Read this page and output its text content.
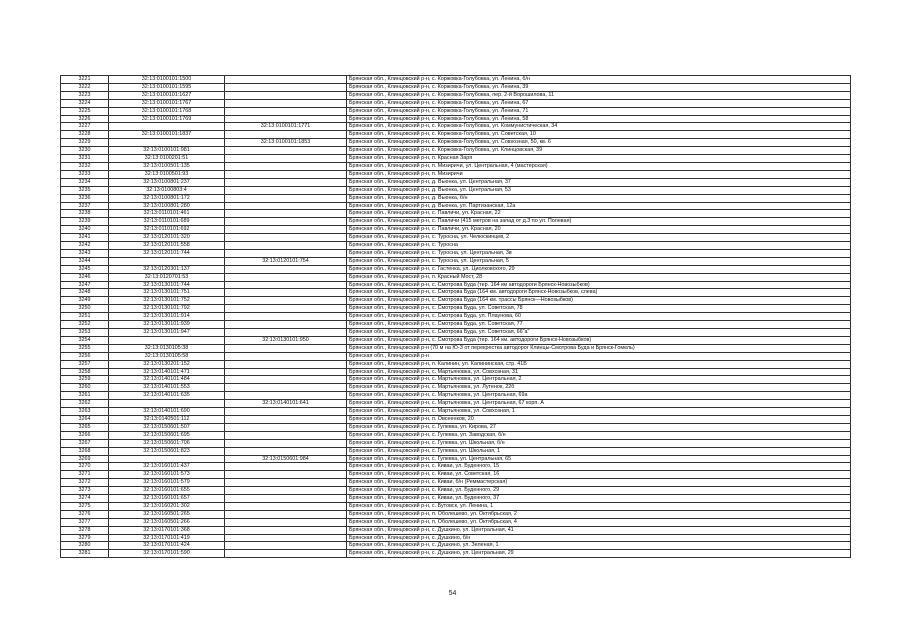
3221	32:13:0100101:1500		Брянская обл., Клинцовский р-н, с. Коржовка-Голубовка, ул. Ленина, б/н
3222	32:13:0100101:1595		Брянская обл., Клинцовский р-н, с. Коржовка-Голубовка, ул. Ленина, 39
3223	32:13:0100101:1627		Брянская обл., Клинцовский р-н, с. Коржовка-Голубовка, пер. 2-й Ворошилова, 11
3224	32:13:0100101:1767		Брянская обл., Клинцовский р-н, с. Коржовка-Голубовка, ул. Ленина, 67
3225	32:13:0100101:1768		Брянская обл., Клинцовский р-н, с. Коржовка-Голубовка, ул. Ленина, 71
3226	32:13:0100101:1769		Брянская обл., Клинцовский р-н, с. Коржовка-Голубовка, ул. Ленина, 58
3227		32:13:0100101:1771	Брянская обл., Клинцовский р-н, с. Коржовка-Голубовка, ул. Коммунистическая, 34
3228	32:13:0100101:1837		Брянская обл., Клинцовский р-н, с. Коржовка-Голубовка, ул. Советская, 10
3229		32:13:0100101:1853	Брянская обл., Клинцовский р-н, с. Коржовка-Голубовка, ул. Совхозная, 50, кв. 6
3230	32:13:0100101:981		Брянская обл., Клинцовский р-н, с. Коржовка-Голубовка, ул. Клинцовская, 39
3231	32:13:0100201:51		Брянская обл., Клинцовский р-н, п. Красная Заря
3232	32:13:0100501:135		Брянская обл., Клинцовский р-н, п. Мизиричи, ул. Центральная, 4 (мастерская)
3233	32:13:0100501:93		Брянская обл., Клинцовский р-н, п. Мизиричи
3234	32:13:0100801:237		Брянская обл., Клинцовский р-н, д. Вьюнка, ул. Центральная, 37
3235	32:13:0100803:4		Брянская обл., Клинцовский р-н, д. Вьюнка, ул. Центральная, 53
3236	32:13:0100801:172		Брянская обл., Клинцовский р-н, д. Вьюнка, б/н
3237	32:13:0100801:280		Брянская обл., Клинцовский р-н, д. Вьюнка, ул. Партизанская, 12а
3238	32:13:0110101:461		Брянская обл., Клинцовский р-н, с. Павличи, ул. Красная, 22
3239	32:13:0110101:689		Брянская обл., Клинцовский р-н, с. Павличи (415 метров на запад от д.3 по ул. Полевая)
3240	32:13:0110101:692		Брянская обл., Клинцовский р-н, с. Павличи, ул. Красная, 20
3241	32:13:0120101:320		Брянская обл., Клинцовский р-н, с. Туросна, ул. Челюскинцев, 2
3242	32:13:0120101:558		Брянская обл., Клинцовский р-н, с. Туросна
3243	32:13:0120101:744		Брянская обл., Клинцовский р-н, с. Туросна, ул. Центральная, 3в
3244		32:13:0120101:754	Брянская обл., Клинцовский р-н, с. Туросна, ул. Центральная, 5
3245	32:13:0120301:137		Брянская обл., Клинцовский р-н, с. Гастенка, ул. Циолковского, 29
3246	32:13:0120701:53		Брянская обл., Клинцовский р-н, п. Красный Мост, 28
3247	32:13:0130101:744		Брянская обл., Клинцовский р-н, с. Смотрова Буда (тер. 164 км автодороги Брянск-Новозыбков)
3248	32:13:0130101:751		Брянская обл., Клинцовский р-н, с. Смотрова Буда (164 км. автодороги Брянск-Новозыбков, слева)
3249	32:13:0130101:752		Брянская обл., Клинцовский р-н, с. Смотрова Буда (164 км. трассы Брянск—Новозыбков)
3250	32:13:0130101:792		Брянская обл., Клинцовский р-н, с. Смотрова Буда, ул. Советская, 78
3251	32:13:0130101:914		Брянская обл., Клинцовский р-н, с. Смотрова Буда, ул. Плаунова, 60
3252	32:13:0130101:939		Брянская обл., Клинцовский р-н, с. Смотрова Буда, ул. Советская, 77
3253	32:13:0130101:947		Брянская обл., Клинцовский р-н, с. Смотрова Буда, ул. Советская, 66"а"
3254		32:13:0130101:950	Брянская обл., Клинцовский р-н, с. Смотрова Буда (тер. 164 км. автодороги Брянск-Новозыбков)
3255	32:13:0130105:38		Брянская обл., Клинцовский р-н (70 м на Ю-З от перекрестка автодорог Клинцы-Смотрова Буда и Брянск-Гомель)
3256	32:13:0130105:58		Брянская обл., Клинцовский р-н
3257	32:13:0130201:152		Брянская обл., Клинцовский р-н, п. Калинин, ул. Калининская, стр. 41Б
3258	32:13:0140101:471		Брянская обл., Клинцовский р-н, с. Мартьяновка, ул. Совхозная, 31
3259	32:13:0140101:484		Брянская обл., Клинцовский р-н, с. Мартьяновка, ул. Центральная, 2
3260	32:13:0140101:553		Брянская обл., Клинцовский р-н, с. Мартьяновка, ул. Лутенок, 22б
3261	32:13:0140101:635		Брянская обл., Клинцовский р-н, с. Мартьяновка, ул. Центральная, 69а
3262		32:13:0140101:641	Брянская обл., Клинцовский р-н, с. Мартьяновка, ул. Центральная, 67 корп. А
3263	32:13:0140101:690		Брянская обл., Клинцовский р-н, с. Мартьяновка, ул. Совхозная, 1
3264	32:13:0140501:112		Брянская обл., Клинцовский р-н, п. Овсеенков, 20
3265	32:13:0150601:507		Брянская обл., Клинцовский р-н, с. Гулевка, ул. Кирова, 27
3266	32:13:0150601:695		Брянская обл., Клинцовский р-н, с. Гулевка, ул. Заводская, б/н
3267	32:13:0150601:706		Брянская обл., Клинцовский р-н, с. Гулевка, ул. Школьная, б/н
3268	32:13:0150601:823		Брянская обл., Клинцовский р-н, с. Гулевка, ул. Школьная, 1
3269		32:13:0150601:984	Брянская обл., Клинцовский р-н, с. Гулевка, ул. Центральная, 65
3270	32:13:0160101:437		Брянская обл., Клинцовский р-н, с. Киваи, ул. Буденного, 15
3271	32:13:0160101:573		Брянская обл., Клинцовский р-н, с. Киваи, ул. Советская, 16
3272	32:13:0160101:579		Брянская обл., Клинцовский р-н, с. Киваи, б/н (Реммастерская)
3273	32:13:0160101:655		Брянская обл., Клинцовский р-н, с. Киваи, ул. Буденного, 29
3274	32:13:0160101:657		Брянская обл., Клинцовский р-н, с. Киваи, ул. Буденного, 37
3275	32:13:0160201:302		Брянская обл., Клинцовский р-н, с. Бутовск, ул. Ленина, 1
3276	32:13:0160501:265		Брянская обл., Клинцовский р-н, п. Оболешево, ул. Октябрьская, 2
3277	32:13:0160501:266		Брянская обл., Клинцовский р-н, п. Оболешево, ул. Октябрьская, 4
3278	32:13:0170101:368		Брянская обл., Клинцовский р-н, с. Душкино, ул. Центральная, 41
3279	32:13:0170101:419		Брянская обл., Клинцовский р-н, с. Душкино, б/н
3280	32:13:0170101:424		Брянская обл., Клинцовский р-н, с. Душкино, ул. Зеленая, 1
3281	32:13:0170101:590		Брянская обл., Клинцовский р-н, с. Душкино, ул. Центральная, 29
54
